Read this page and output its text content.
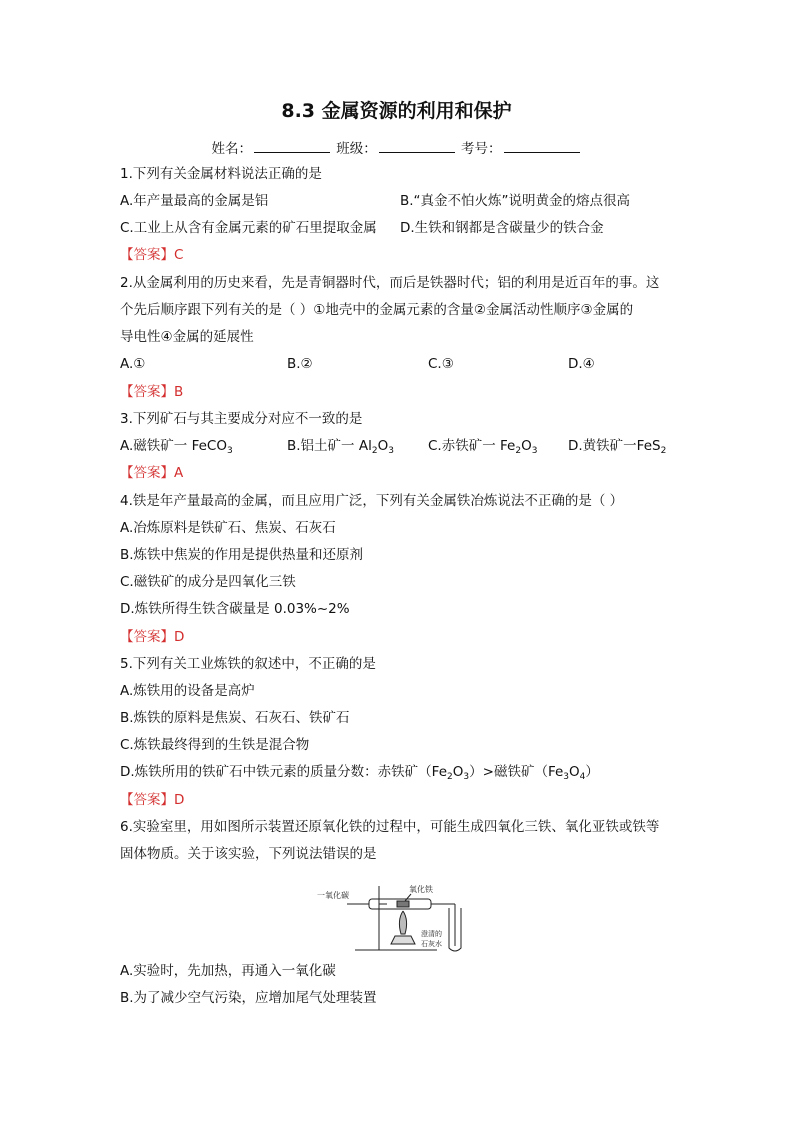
8.3 金属资源的利用和保护
姓名：	班级：	考号：
1.下列有关金属材料说法正确的是
A.年产量最高的金属是铝	B.“真金不怕火炼”说明黄金的熔点很高
C.工业上从含有金属元素的矿石里提取金属 D.生铁和钢都是含碳量少的铁合金
【答案】C
2.从金属利用的历史来看，先是青铜器时代，而后是铁器时代；铝的利用是近百年的事。这
个先后顺序跟下列有关的是（ ）①地壳中的金属元素的含量②金属活动性顺序③金属的
导电性④金属的延展性
A.①	B.②	C.③	D.④
【答案】B
3.下列矿石与其主要成分对应不一致的是
A.磁铁矿一 FeCO$_3$	B.铝土矿一 $Al_2O_3$	C.赤铁矿一 $Fe_2O_3$ D.黄铁矿一FeS$_2$
【答案】A
4.铁是年产量最高的金属，而且应用广泛，下列有关金属铁冶炼说法不正确的是（ ）
A.冶炼原料是铁矿石、焦炭、石灰石
B.炼铁中焦炭的作用是提供热量和还原剂
C.磁铁矿的成分是四氧化三铁
D.炼铁所得生铁含碳量是 0.03%~2%
【答案】D
5.下列有关工业炼铁的叙述中，不正确的是
A.炼铁用的设备是高炉
B.炼铁的原料是焦炭、石灰石、铁矿石
C.炼铁最终得到的生铁是混合物
D.炼铁所用的铁矿石中铁元素的质量分数：赤铁矿$(Fe_2O_3)>$磁铁矿$(Fe_3O_4)$
【答案】D
6.实验室里，用如图所示装置还原氧化铁的过程中，可能生成四氧化三铁、氧化亚铁或铁等
固体物质。关于该实验，下列说法错误的是
一氧化碳
氧化铁
澄清的
石灰水
A.实验时，先加热，再通入一氧化碳
B.为了减少空气污染，应增加尾气处理装置
